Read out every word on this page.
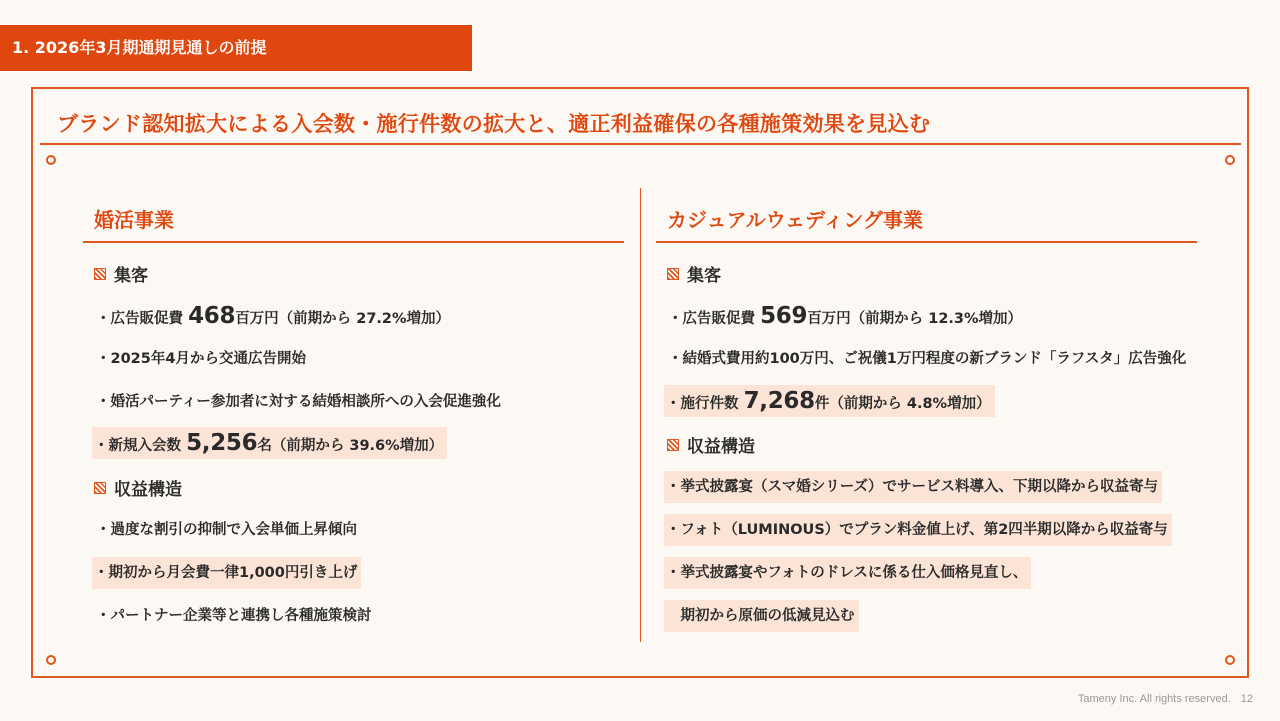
1. 2026年3月期通期見通しの前提
ブランド認知拡大による入会数・施行件数の拡大と、適正利益確保の各種施策効果を見込む
婚活事業
集客
・広告販促費 468百万円（前期から 27.2%増加）
・2025年4月から交通広告開始
・婚活パーティー参加者に対する結婚相談所への入会促進強化
・新規入会数 5,256名（前期から 39.6%増加）
収益構造
・過度な割引の抑制で入会単価上昇傾向
・期初から月会費一律1,000円引き上げ
・パートナー企業等と連携し各種施策検討
カジュアルウェディング事業
集客
・広告販促費 569百万円（前期から 12.3%増加）
・結婚式費用約100万円、ご祝儀1万円程度の新ブランド「ラフスタ」広告強化
・施行件数 7,268件（前期から 4.8%増加）
収益構造
・挙式披露宴（スマ婚シリーズ）でサービス料導入、下期以降から収益寄与
・フォト（LUMINOUS）でプラン料金値上げ、第2四半期以降から収益寄与
・挙式披露宴やフォトのドレスに係る仕入価格見直し、
　期初から原価の低減見込む
Tameny Inc. All rights reserved. 12
